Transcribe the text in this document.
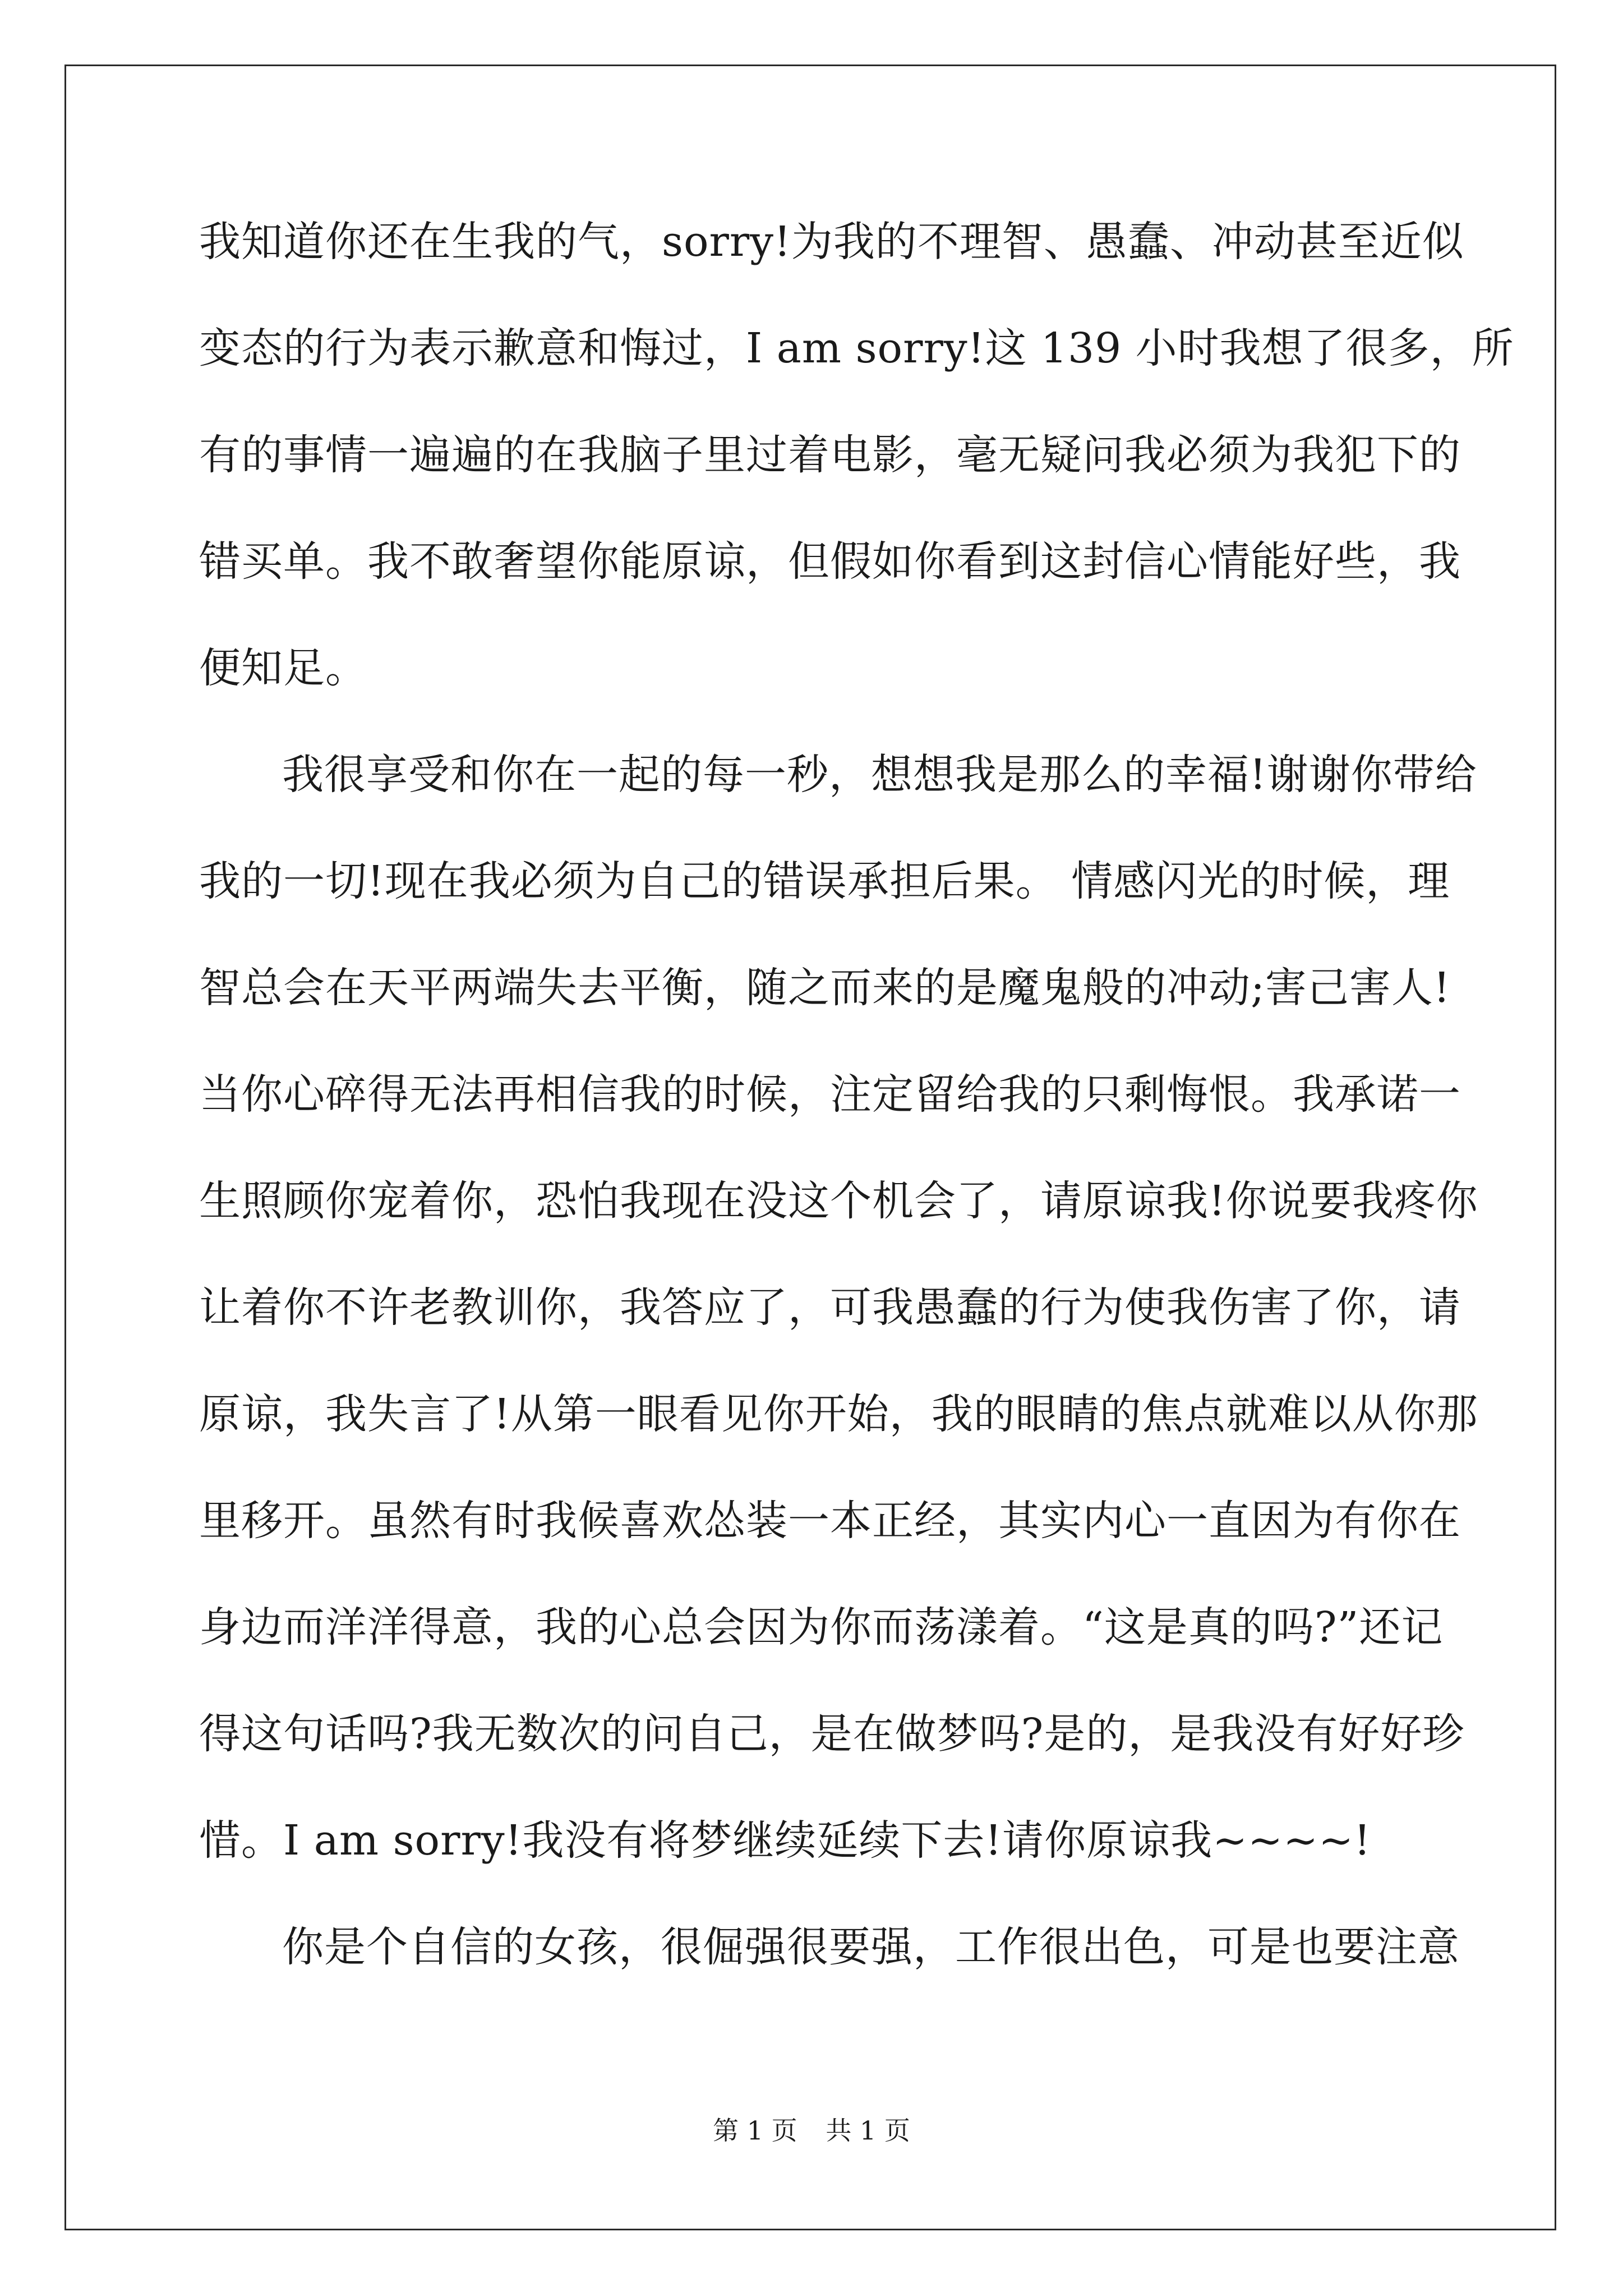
我知道你还在生我的气，sorry!为我的不理智、愚蠢、冲动甚至近似
变态的行为表示歉意和悔过，I am sorry!这 139 小时我想了很多，所
有的事情一遍遍的在我脑子里过着电影，毫无疑问我必须为我犯下的
错买单。我不敢奢望你能原谅，但假如你看到这封信心情能好些，我
便知足。
我很享受和你在一起的每一秒，想想我是那么的幸福!谢谢你带给
我的一切!现在我必须为自己的错误承担后果。 情感闪光的时候，理
智总会在天平两端失去平衡，随之而来的是魔鬼般的冲动;害己害人!
当你心碎得无法再相信我的时候，注定留给我的只剩悔恨。我承诺一
生照顾你宠着你，恐怕我现在没这个机会了，请原谅我!你说要我疼你
让着你不许老教训你，我答应了，可我愚蠢的行为使我伤害了你，请
原谅，我失言了!从第一眼看见你开始，我的眼睛的焦点就难以从你那
里移开。虽然有时我候喜欢怂装一本正经，其实内心一直因为有你在
身边而洋洋得意，我的心总会因为你而荡漾着。“这是真的吗?”还记
得这句话吗?我无数次的问自己，是在做梦吗?是的，是我没有好好珍
惜。I am sorry!我没有将梦继续延续下去!请你原谅我~~~~!
你是个自信的女孩，很倔强很要强，工作很出色，可是也要注意
第 1 页 共 1 页
